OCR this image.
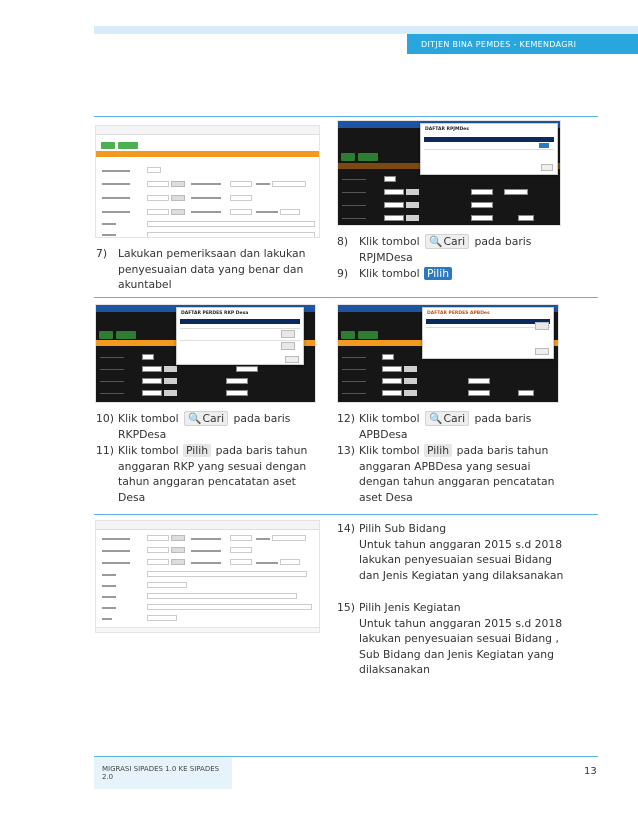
DITJEN BINA PEMDES - KEMENDAGRI
DAFTAR RPJMDes
7)	Lakukan pemeriksaan dan lakukan penyesuaian data yang benar dan akuntabel
8)	Klik tombol 🔍 Cari pada baris RPJMDesa
9)	Klik tombol Pilih
DAFTAR PERDES RKP Desa	DAFTAR PERDES APBDes
10) Klik tombol 🔍 Cari pada baris RKPDesa
11) Klik tombol Pilih pada baris tahun anggaran RKP yang sesuai dengan tahun anggaran pencatatan aset Desa
12) Klik tombol 🔍 Cari pada baris APBDesa
13) Klik tombol Pilih pada baris tahun anggaran APBDesa yang sesuai dengan tahun anggaran pencatatan aset Desa
14) Pilih Sub Bidang
Untuk tahun anggaran 2015 s.d 2018 lakukan penyesuaian sesuai Bidang dan Jenis Kegiatan yang dilaksanakan
15) Pilih Jenis Kegiatan
Untuk tahun anggaran 2015 s.d 2018 lakukan penyesuaian sesuai Bidang , Sub Bidang dan Jenis Kegiatan yang dilaksanakan
MIGRASI SIPADES 1.0 KE SIPADES 2.0	13
